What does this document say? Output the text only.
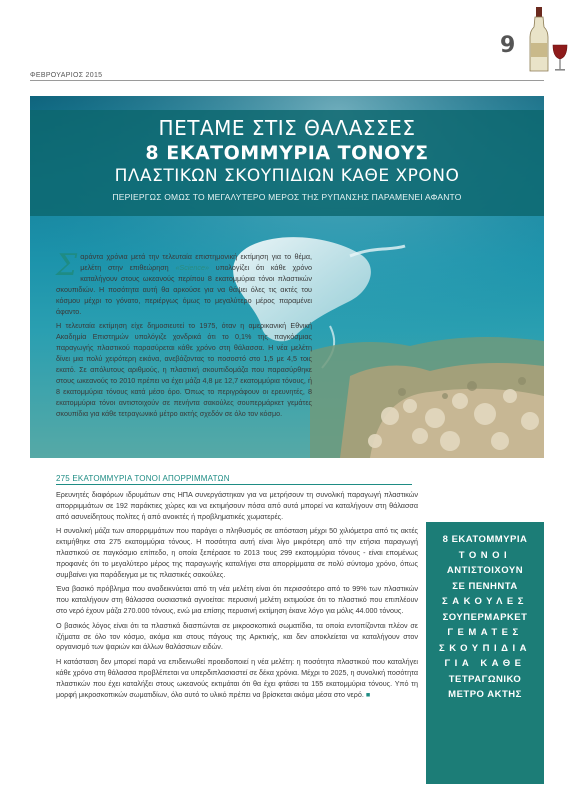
9
ΦΕΒΡΟΥΑΡΙΟΣ 2015
ΠΕΤΑΜΕ ΣΤΙΣ ΘΑΛΑΣΣΕΣ
8 ΕΚΑΤΟΜΜΥΡΙΑ ΤΟΝΟΥΣ
ΠΛΑΣΤΙΚΩΝ ΣΚΟΥΠΙΔΙΩΝ ΚΑΘΕ ΧΡΟΝΟ
ΠΕΡΙΕΡΓΩΣ ΟΜΩΣ ΤΟ ΜΕΓΑΛΥΤΕΡΟ ΜΕΡΟΣ ΤΗΣ ΡΥΠΑΝΣΗΣ ΠΑΡΑΜΕΝΕΙ ΑΦΑΝΤΟ

Σαράντα χρόνια μετά την τελευταία επιστημονική εκτίμηση για το θέμα, μελέτη στην επιθεώρηση «Science» υπολογίζει ότι κάθε χρόνο καταλήγουν στους ωκεανούς περίπου 8 εκατομμύρια τόνοι πλαστικών σκουπιδιών. Η ποσότητα αυτή θα αρκούσε για να θάψει όλες τις ακτές του κόσμου μέχρι το γόνατο, περιέργως όμως το μεγαλύτερο μέρος παραμένει άφαντο.

Η τελευταία εκτίμηση είχε δημοσιευτεί το 1975, όταν η αμερικανική Εθνική Ακαδημία Επιστημών υπολόγιζε χονδρικά ότι το 0,1% της παγκόσμιας παραγωγής πλαστικού παρασύρεται κάθε χρόνο στη θάλασσα. Η νέα μελέτη δίνει μια πολύ χειρότερη εικόνα, ανεβάζοντας το ποσοστό στο 1,5 με 4,5 τοις εκατό. Σε απόλυτους αριθμούς, η πλαστική σκουπιδομάζα που παρασύρθηκε στους ωκεανούς το 2010 πρέπει να έχει μάζα 4,8 με 12,7 εκατομμύρια τόνους, ή 8 εκατομμύρια τόνους κατά μέσο όρο. Όπως το περιγράφουν οι ερευνητές, 8 εκατομμύρια τόνοι αντιστοιχούν σε πενήντα σακούλες σουπερμάρκετ γεμάτες σκουπίδια για κάθε τετραγωνικό μέτρο ακτής σχεδόν σε όλο τον κόσμο.

275 ΕΚΑΤΟΜΜΥΡΙΑ ΤΟΝΟΙ ΑΠΟΡΡΙΜΜΑΤΩΝ

Ερευνητές διαφόρων ιδρυμάτων στις ΗΠΑ συνεργάστηκαν για να μετρήσουν τη συνολική παραγωγή πλαστικών απορριμμάτων σε 192 παράκτιες χώρες και να εκτιμήσουν πόσα από αυτά μπορεί να καταλήγουν στη θάλασσα από ασυνείδητους πολίτες ή από ανοικτές ή προβληματικές χωματερές.

Η συνολική μάζα των απορριμμάτων που παράγει ο πληθυσμός σε απόσταση μέχρι 50 χιλιόμετρα από τις ακτές εκτιμήθηκε στα 275 εκατομμύρια τόνους. Η ποσότητα αυτή είναι λίγο μικρότερη από την ετήσια παραγωγή πλαστικού σε παγκόσμιο επίπεδο, η οποία ξεπέρασε το 2013 τους 299 εκατομμύρια τόνους - είναι επομένως προφανές ότι το μεγαλύτερο μέρος της παραγωγής καταλήγει στα απορρίμματα σε πολύ σύντομο χρόνο, όπως συμβαίνει για παράδειγμα με τις πλαστικές σακούλες.

Ένα βασικό πρόβλημα που αναδεικνύεται από τη νέα μελέτη είναι ότι περισσότερο από το 99% των πλαστικών που καταλήγουν στη θάλασσα ουσιαστικά αγνοείται: περυσινή μελέτη εκτιμούσε ότι το πλαστικό που επιπλέουν στο νερό έχουν μάζα 270.000 τόνους, ενώ μια επίσης περυσινή εκτίμηση έκανε λόγο για μόλις 44.000 τόνους.

Ο βασικός λόγος είναι ότι τα πλαστικά διασπώνται σε μικροσκοπικά σωματίδια, τα οποία εντοπίζονται πλέον σε ιζήματα σε όλο τον κόσμο, ακόμα και στους πάγους της Αρκτικής, και δεν αποκλείεται να καταλήγουν στον οργανισμό των ψαριών και άλλων θαλάσσιων ειδών.

Η κατάσταση δεν μπορεί παρά να επιδεινωθεί προειδοποιεί η νέα μελέτη: η ποσότητα πλαστικού που καταλήγει κάθε χρόνο στη θάλασσα προβλέπεται να υπερδιπλασιαστεί σε δέκα χρόνια. Μέχρι το 2025, η συνολική ποσότητα πλαστικών που έχει καταλήξει στους ωκεανούς εκτιμάται ότι θα έχει φτάσει τα 155 εκατομμύρια τόνους. Υπό τη μορφή μικροσκοπικών σωματιδίων, όλο αυτό το υλικό πρέπει να βρίσκεται ακόμα μέσα στο νερό. ■

8 ΕΚΑΤΟΜΜΥΡΙΑ
ΤΟΝΟΙ
ΑΝΤΙΣΤΟΙΧΟΥΝ
ΣΕ ΠΕΝΗΝΤΑ
ΣΑΚΟΥΛΕΣ
ΣΟΥΠΕΡΜΑΡΚΕΤ
ΓΕΜΑΤΕΣ
ΣΚΟΥΠΙΔΙΑ
ΓΙΑ ΚΑΘΕ
ΤΕΤΡΑΓΩΝΙΚΟ
ΜΕΤΡΟ ΑΚΤΗΣ
